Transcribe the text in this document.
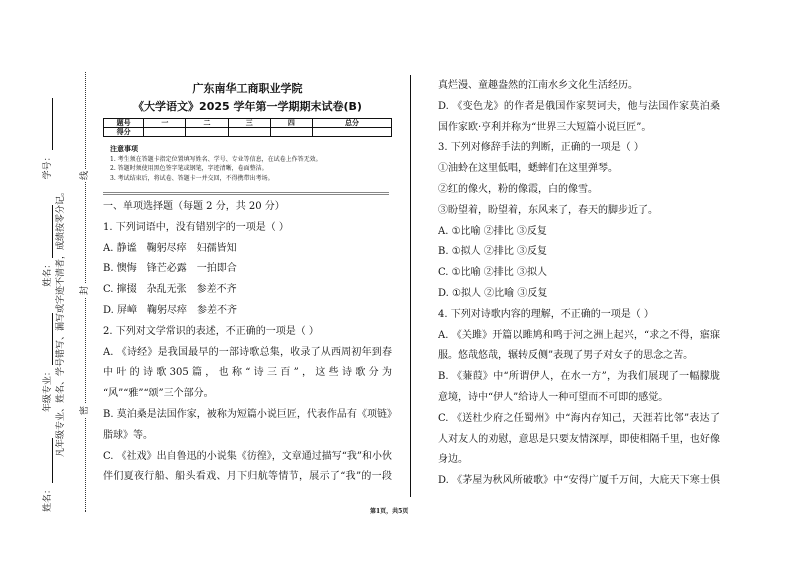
姓名：
年级专业：
姓名：
学号：
凡年级专业、姓名、学号错写、漏写或字迹不清者，成绩按零分记。	密
封
线
广东南华工商职业学院
《大学语文》2025 学年第一学期期末试卷(B)
题号	一	二	三	四	总分
得分					
注意事项
1. 考生须在答题卡指定位置填写姓名、学号、专业等信息，在试卷上作答无效。
2. 答题时须使用黑色签字笔或钢笔，字迹清晰，卷面整洁。
3. 考试结束后，将试卷、答题卡一并交回，不得携带出考场。
一、单项选择题（每题 2 分，共 20 分）
1. 下列词语中，没有错别字的一项是（ ）
A. 静谧　鞠躬尽瘁　妇孺皆知
B. 懊悔　锋芒必露　一拍即合
C. 撺掇　杂乱无张　参差不齐
D. 屏嶂　鞠躬尽瘁　参差不齐
2. 下列对文学常识的表述，不正确的一项是（ ）
A. 《诗经》是我国最早的一部诗歌总集，收录了从西周初年到春
中 叶 的 诗 歌 305 篇 ， 也 称 “ 诗 三 百 ” ， 这 些 诗 歌 分 为
“风”“雅”“颂”三个部分。
B. 莫泊桑是法国作家，被称为短篇小说巨匠，代表作品有《项链》
脂球》等。
C. 《社戏》出自鲁迅的小说集《彷徨》，文章通过描写“我”和小伙
伴们夏夜行船、船头看戏、月下归航等情节，展示了“我”的一段
真烂漫、童趣盎然的江南水乡文化生活经历。
D. 《变色龙》的作者是俄国作家契诃夫，他与法国作家莫泊桑
国作家欧·亨利并称为“世界三大短篇小说巨匠”。
3. 下列对修辞手法的判断，正确的一项是（ ）
①油蛉在这里低唱，蟋蟀们在这里弹琴。
②红的像火，粉的像霞，白的像雪。
③盼望着，盼望着，东风来了，春天的脚步近了。
A. ①比喻 ②排比 ③反复
B. ①拟人 ②排比 ③反复
C. ①比喻 ②排比 ③拟人
D. ①拟人 ②比喻 ③反复
4. 下列对诗歌内容的理解，不正确的一项是（ ）
A. 《关雎》开篇以雎鸠和鸣于河之洲上起兴，“求之不得，寤寐
服。悠哉悠哉，辗转反侧”表现了男子对女子的思念之苦。
B. 《蒹葭》中“所谓伊人，在水一方”，为我们展现了一幅朦胧
意境，诗中“伊人”给诗人一种可望而不可即的感觉。
C. 《送杜少府之任蜀州》中“海内存知己，天涯若比邻”表达了
人对友人的劝慰，意思是只要友情深厚，即使相隔千里，也好像
身边。
D. 《茅屋为秋风所破歌》中“安得广厦千万间，大庇天下寒士俱
第1页，共5页
